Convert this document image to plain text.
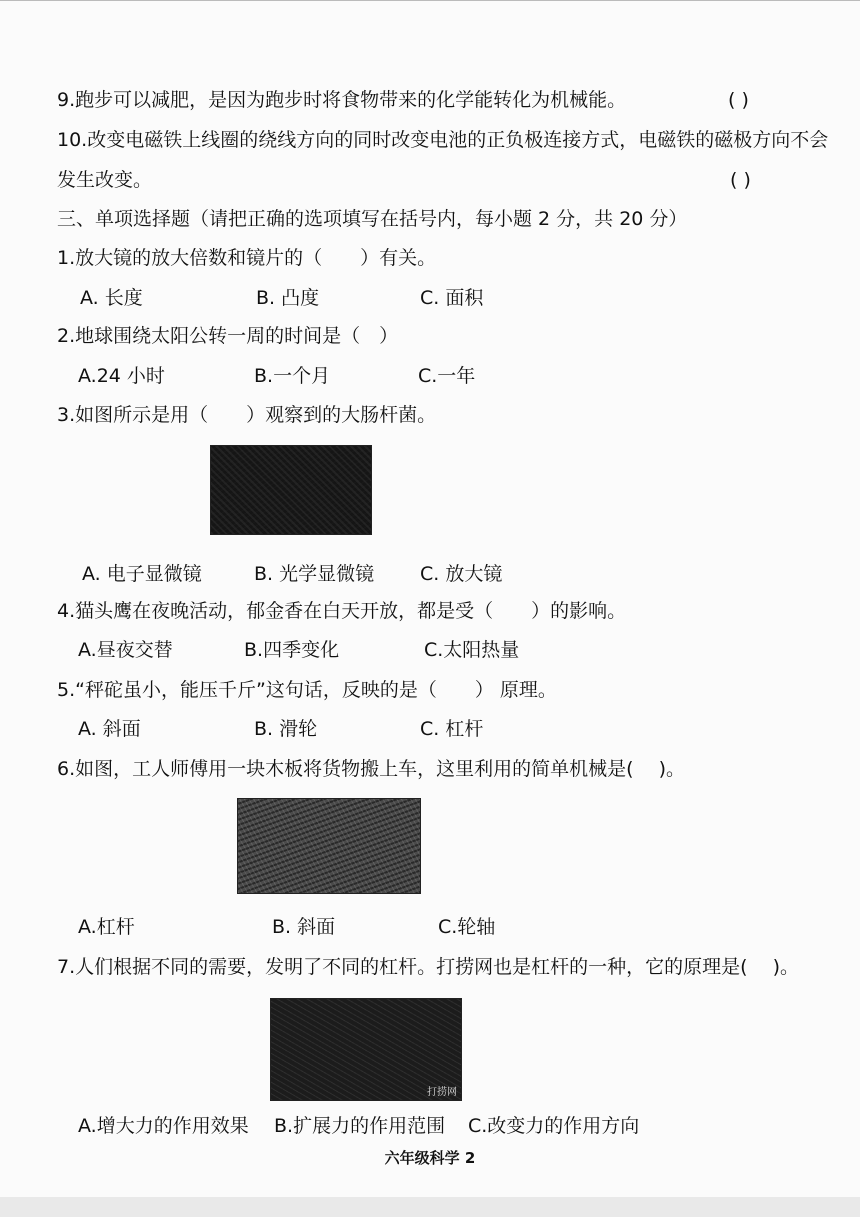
9.跑步可以减肥，是因为跑步时将食物带来的化学能转化为机械能。	( )
10.改变电磁铁上线圈的绕线方向的同时改变电池的正负极连接方式，电磁铁的磁极方向不会
发生改变。	( )
三、单项选择题（请把正确的选项填写在括号内，每小题 2 分，共 20 分）
1.放大镜的放大倍数和镜片的（　　）有关。
A. 长度	B. 凸度	C. 面积
2.地球围绕太阳公转一周的时间是（　）
A.24 小时	B.一个月	C.一年
3.如图所示是用（　　）观察到的大肠杆菌。
A. 电子显微镜	B. 光学显微镜 C. 放大镜
4.猫头鹰在夜晚活动，郁金香在白天开放，都是受（　　）的影响。
A.昼夜交替	B.四季变化	C.太阳热量
5.“秤砣虽小，能压千斤”这句话，反映的是（　　） 原理。
A. 斜面	B. 滑轮	C. 杠杆
6.如图，工人师傅用一块木板将货物搬上车，这里利用的简单机械是(　 )。
A.杠杆	B. 斜面	C.轮轴
7.人们根据不同的需要，发明了不同的杠杆。打捞网也是杠杆的一种，它的原理是(　 )。
打捞网
A.增大力的作用效果 B.扩展力的作用范围 C.改变力的作用方向
六年级科学 2
